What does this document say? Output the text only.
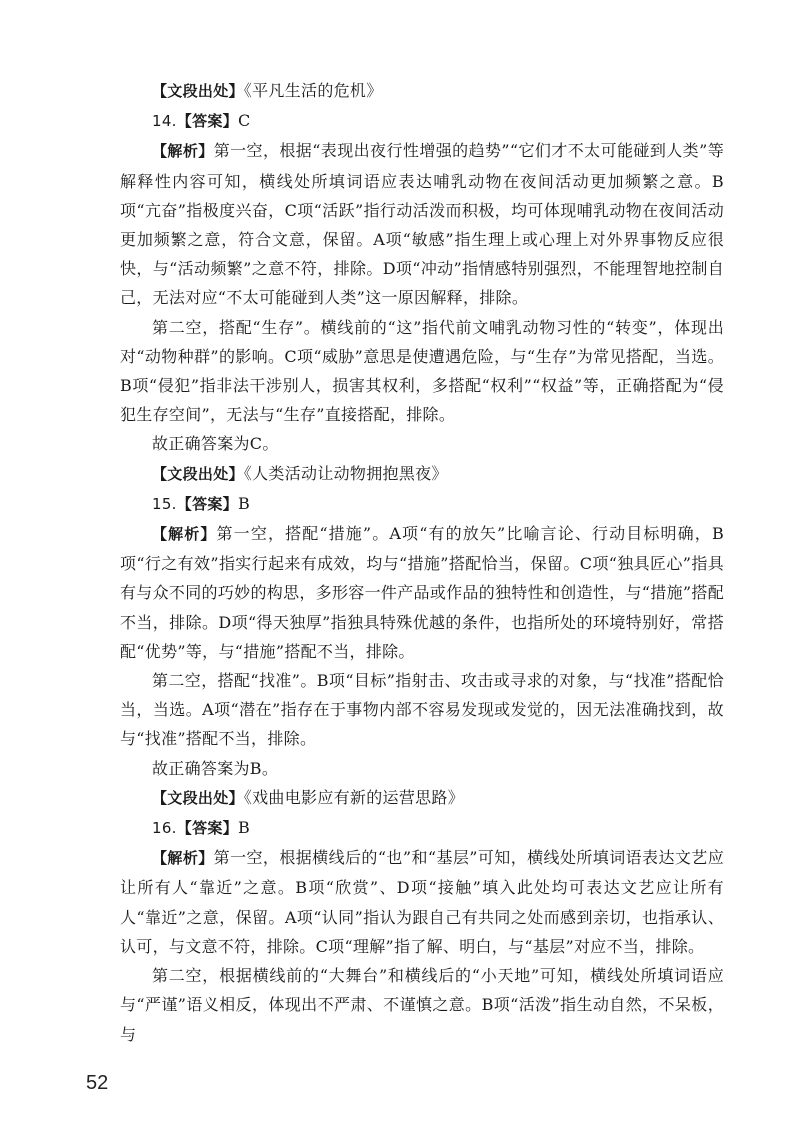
【文段出处】《平凡生活的危机》

14.【答案】C

【解析】第一空，根据“表现出夜行性增强的趋势”“它们才不太可能碰到人类”等解释性内容可知，横线处所填词语应表达哺乳动物在夜间活动更加频繁之意。B项“亢奋”指极度兴奋，C项“活跃”指行动活泼而积极，均可体现哺乳动物在夜间活动更加频繁之意，符合文意，保留。A项“敏感”指生理上或心理上对外界事物反应很快，与“活动频繁”之意不符，排除。D项“冲动”指情感特别强烈，不能理智地控制自己，无法对应“不太可能碰到人类”这一原因解释，排除。

第二空，搭配“生存”。横线前的“这”指代前文哺乳动物习性的“转变”，体现出对“动物种群”的影响。C项“威胁”意思是使遭遇危险，与“生存”为常见搭配，当选。B项“侵犯”指非法干涉别人，损害其权利，多搭配“权利”“权益”等，正确搭配为“侵犯生存空间”，无法与“生存”直接搭配，排除。

故正确答案为C。

【文段出处】《人类活动让动物拥抱黑夜》

15.【答案】B

【解析】第一空，搭配“措施”。A项“有的放矢”比喻言论、行动目标明确，B项“行之有效”指实行起来有成效，均与“措施”搭配恰当，保留。C项“独具匠心”指具有与众不同的巧妙的构思，多形容一件产品或作品的独特性和创造性，与“措施”搭配不当，排除。D项“得天独厚”指独具特殊优越的条件，也指所处的环境特别好，常搭配“优势”等，与“措施”搭配不当，排除。

第二空，搭配“找准”。B项“目标”指射击、攻击或寻求的对象，与“找准”搭配恰当，当选。A项“潜在”指存在于事物内部不容易发现或发觉的，因无法准确找到，故与“找准”搭配不当，排除。

故正确答案为B。

【文段出处】《戏曲电影应有新的运营思路》

16.【答案】B

【解析】第一空，根据横线后的“也”和“基层”可知，横线处所填词语表达文艺应让所有人“靠近”之意。B项“欣赏”、D项“接触”填入此处均可表达文艺应让所有人“靠近”之意，保留。A项“认同”指认为跟自己有共同之处而感到亲切，也指承认、认可，与文意不符，排除。C项“理解”指了解、明白，与“基层”对应不当，排除。

第二空，根据横线前的“大舞台”和横线后的“小天地”可知，横线处所填词语应与“严谨”语义相反，体现出不严肃、不谨慎之意。B项“活泼”指生动自然，不呆板，与

52
